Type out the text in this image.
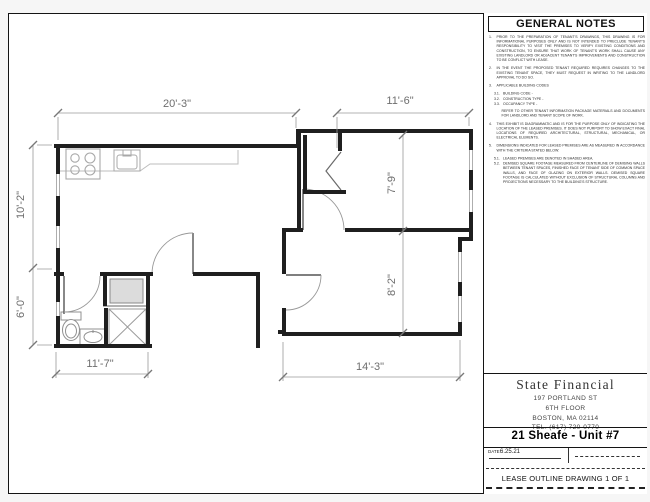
20'-3"	11'-6"
10'-2"
6'-0"
7'-9"
8'-2"
11'-7"	14'-3"
GENERAL NOTES
1. PRIOR TO THE PREPARATION OF TENANT'S DRAWINGS, THIS DRAWING IS FOR INFORMATIONAL PURPOSES ONLY AND IS NOT INTENDED TO PRECLUDE TENANT'S RESPONSIBILITY TO VISIT THE PREMISES TO VERIFY EXISTING CONDITIONS AND CONSTRUCTION, TO ENSURE THAT WORK OF TENANT'S WORK SHALL CAUSE ANY EXISTING LANDLORD OR ADJACENT TENANT'S IMPROVEMENTS AND CONSTRUCTION TO BE CONFLICT WITH LEASE.
2. IN THE EVENT THE PROPOSED TENANT REQUIRED REQUIRES CHANGES TO THE EXISTING TENANT SPACE, THEY MUST REQUEST IN WRITING TO THE LANDLORD APPROVAL TO DO SO.
3. APPLICABLE BUILDING CODES
3.1. BUILDING CODE -
3.2. CONSTRUCTION TYPE -
3.3. OCCUPANCY TYPE -
REFER TO OTHER TENANT INFORMATION PACKAGE MATERIALS AND DOCUMENTS FOR LANDLORD AND TENANT SCOPE OF WORK.
4. THIS EXHIBIT IS DIAGRAMMATIC AND IS FOR THE PURPOSE ONLY OF INDICATING THE LOCATION OF THE LEASED PREMISES. IT DOES NOT PURPORT TO SHOW EXACT FINAL LOCATIONS OF REQUIRED ARCHITECTURAL, STRUCTURAL, MECHANICAL, OR ELECTRICAL ELEMENTS.
5. DIMENSIONS INDICATED FOR LEASED PREMISES ARE AS MEASURED IN ACCORDANCE WITH THE CRITERIA STATED BELOW:
5.1. LEASED PREMISES ARE DENOTED IN SHADED AREA.
5.2. DEMISED SQUARE FOOTAGE MEASURED FROM CENTERLINE OF DEMISING WALLS BETWEEN TENANT SPACES, FINISHED FACE OF TENANT SIDE OF COMMON SPACE WALLS, AND FACE OF GLAZING ON EXTERIOR WALLS. DEMISED SQUARE FOOTAGE IS CALCULATED WITHOUT EXCLUSION OF STRUCTURAL COLUMNS AND PROJECTIONS NECESSARY TO THE BUILDING'S STRUCTURE.
State Financial
197 PORTLAND ST
6TH FLOOR
BOSTON, MA 02114
TEL. (617) 720-0770
21 Sheafe - Unit #7
DATE: 6.25.21
LEASE OUTLINE DRAWING 1 OF 1
